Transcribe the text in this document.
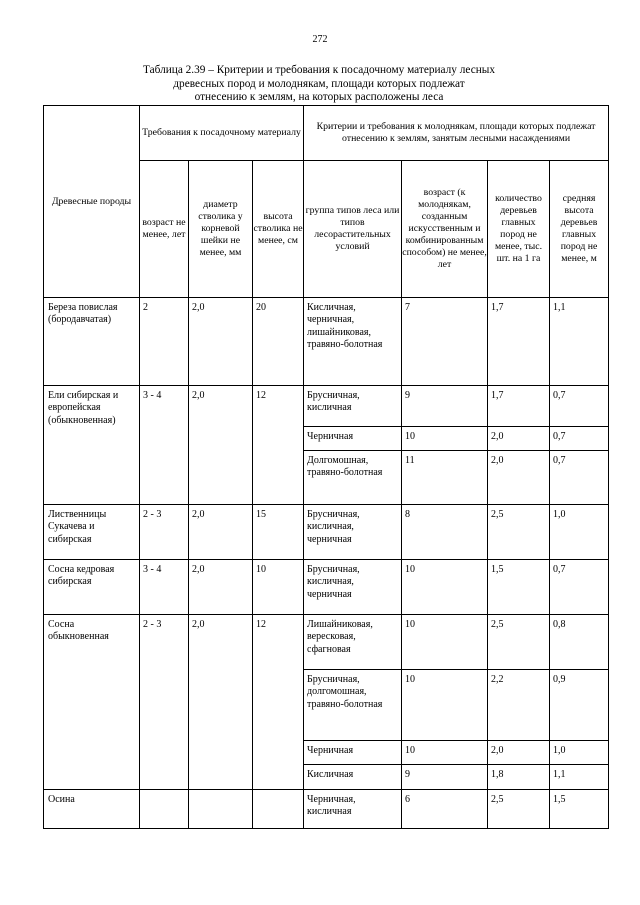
272
Таблица 2.39 – Критерии и требования к посадочному материалу лесных
древесных пород и молоднякам, площади которых подлежат
отнесению к землям, на которых расположены леса
Древесные породы	Требования к посадочному материалу			Критерии и требования к молоднякам, площади которых подлежат отнесению к землям, занятым лесными насаждениями			
	возраст не менее, лет	диаметр стволика у корневой шейки не менее, мм	высота стволика не менее, см	группа типов леса или типов лесорастительных условий	возраст (к молоднякам, созданным искусственным и комбинированным способом) не менее, лет	количество деревьев главных пород не менее, тыс. шт. на 1 га	средняя высота деревьев главных пород не менее, м
Береза повислая (бородавчатая)	2	2,0	20	Кисличная, черничная, лишайниковая, травяно-болотная	7	1,7	1,1
Ели сибирская и европейская (обыкновенная)	3 - 4	2,0	12	Брусничная, кисличная	9	1,7	0,7
				Черничная	10	2,0	0,7
				Долгомошная, травяно-болотная	11	2,0	0,7
Лиственницы Сукачева и сибирская	2 - 3	2,0	15	Брусничная, кисличная, черничная	8	2,5	1,0
Сосна кедровая сибирская	3 - 4	2,0	10	Брусничная, кисличная, черничная	10	1,5	0,7
Сосна обыкновенная	2 - 3	2,0	12	Лишайниковая, вересковая, сфагновая	10	2,5	0,8
				Брусничная, долгомошная, травяно-болотная	10	2,2	0,9
				Черничная	10	2,0	1,0
				Кисличная	9	1,8	1,1
Осина				Черничная, кисличная	6	2,5	1,5
